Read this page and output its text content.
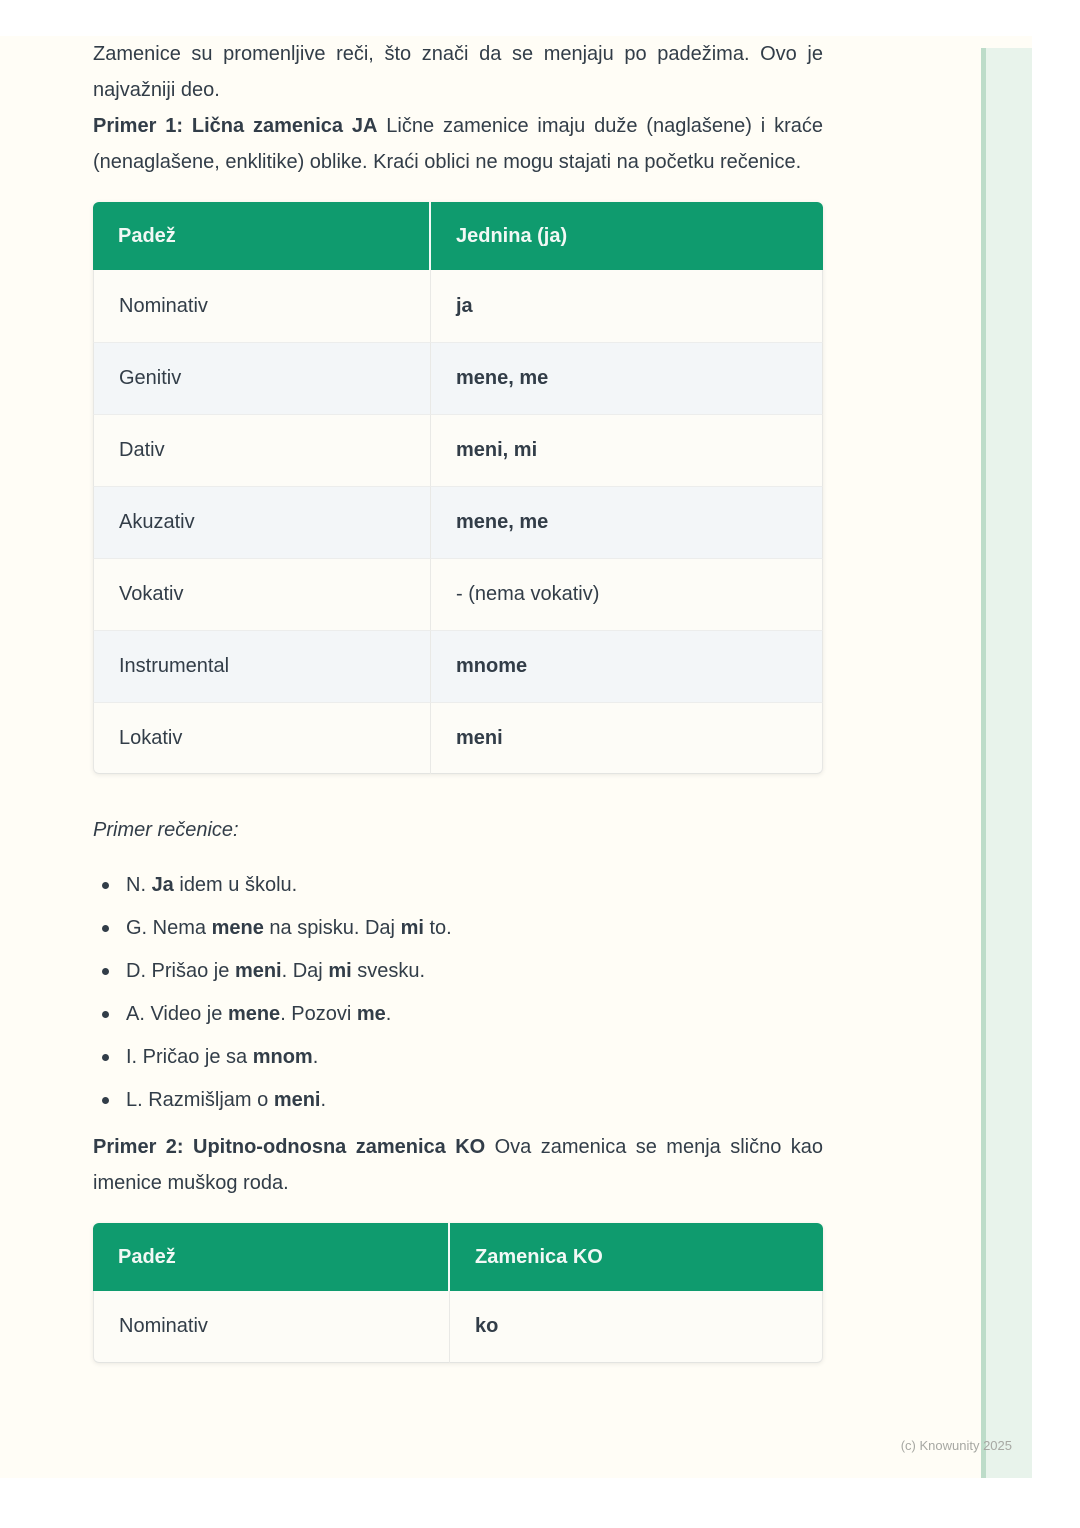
Zamenice su promenljive reči, što znači da se menjaju po padežima. Ovo je najvažniji deo.

Primer 1: Lična zamenica JA Lične zamenice imaju duže (naglašene) i kraće (nenaglašene, enklitike) oblike. Kraći oblici ne mogu stajati na početku rečenice.

Padež	Jednina (ja)
Nominativ	ja
Genitiv	mene, me
Dativ	meni, mi
Akuzativ	mene, me
Vokativ	- (nema vokativ)
Instrumental	mnome
Lokativ	meni

Primer rečenice:

N. Ja idem u školu.
G. Nema mene na spisku. Daj mi to.
D. Prišao je meni. Daj mi svesku.
A. Video je mene. Pozovi me.
I. Pričao je sa mnom.
L. Razmišljam o meni.

Primer 2: Upitno-odnosna zamenica KO Ova zamenica se menja slično kao imenice muškog roda.

Padež	Zamenica KO
Nominativ	ko
(c) Knowunity 2025
